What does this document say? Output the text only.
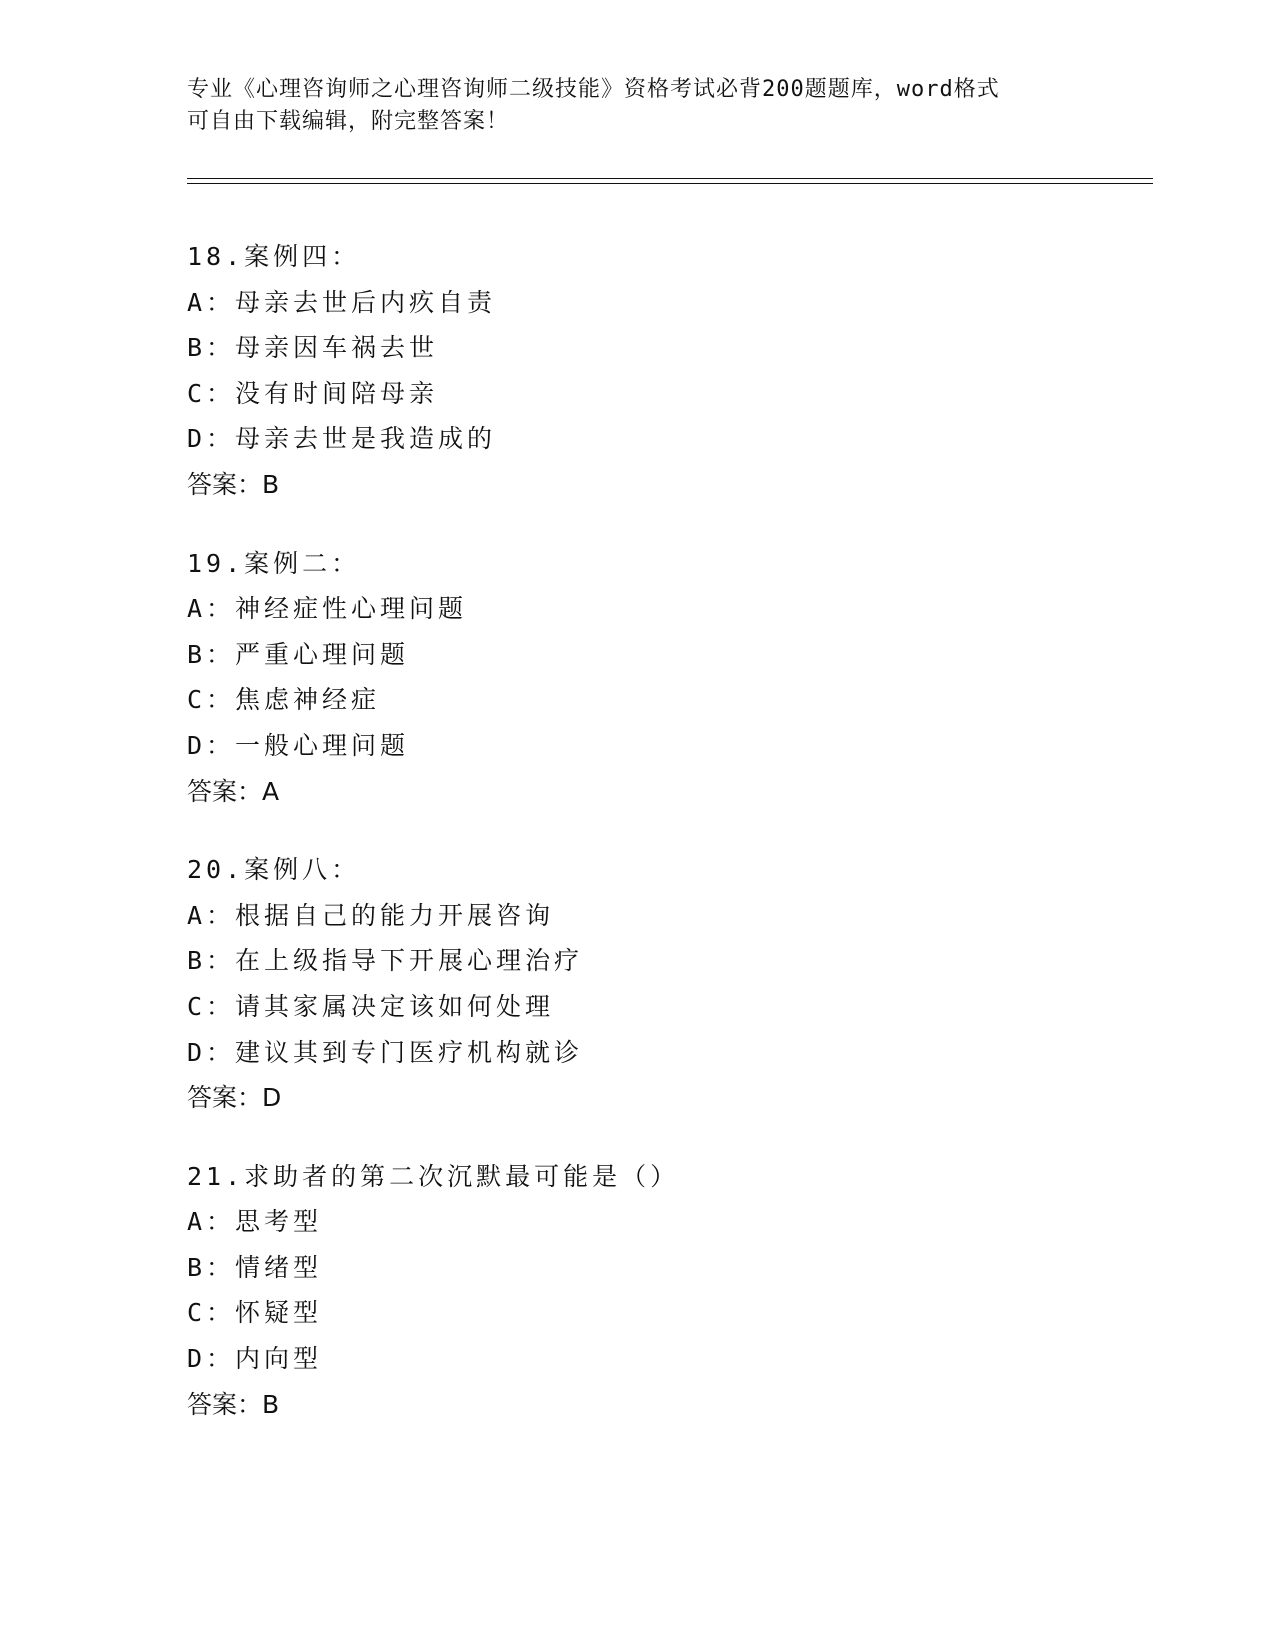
专业《心理咨询师之心理咨询师二级技能》资格考试必背200题题库，word格式
可自由下载编辑，附完整答案！
18.案例四：
A：母亲去世后内疚自责
B：母亲因车祸去世
C：没有时间陪母亲
D：母亲去世是我造成的
答案：B
19.案例二：
A：神经症性心理问题
B：严重心理问题
C：焦虑神经症
D：一般心理问题
答案：A
20.案例八：
A：根据自己的能力开展咨询
B：在上级指导下开展心理治疗
C：请其家属决定该如何处理
D：建议其到专门医疗机构就诊
答案：D
21.求助者的第二次沉默最可能是（）
A：思考型
B：情绪型
C：怀疑型
D：内向型
答案：B
